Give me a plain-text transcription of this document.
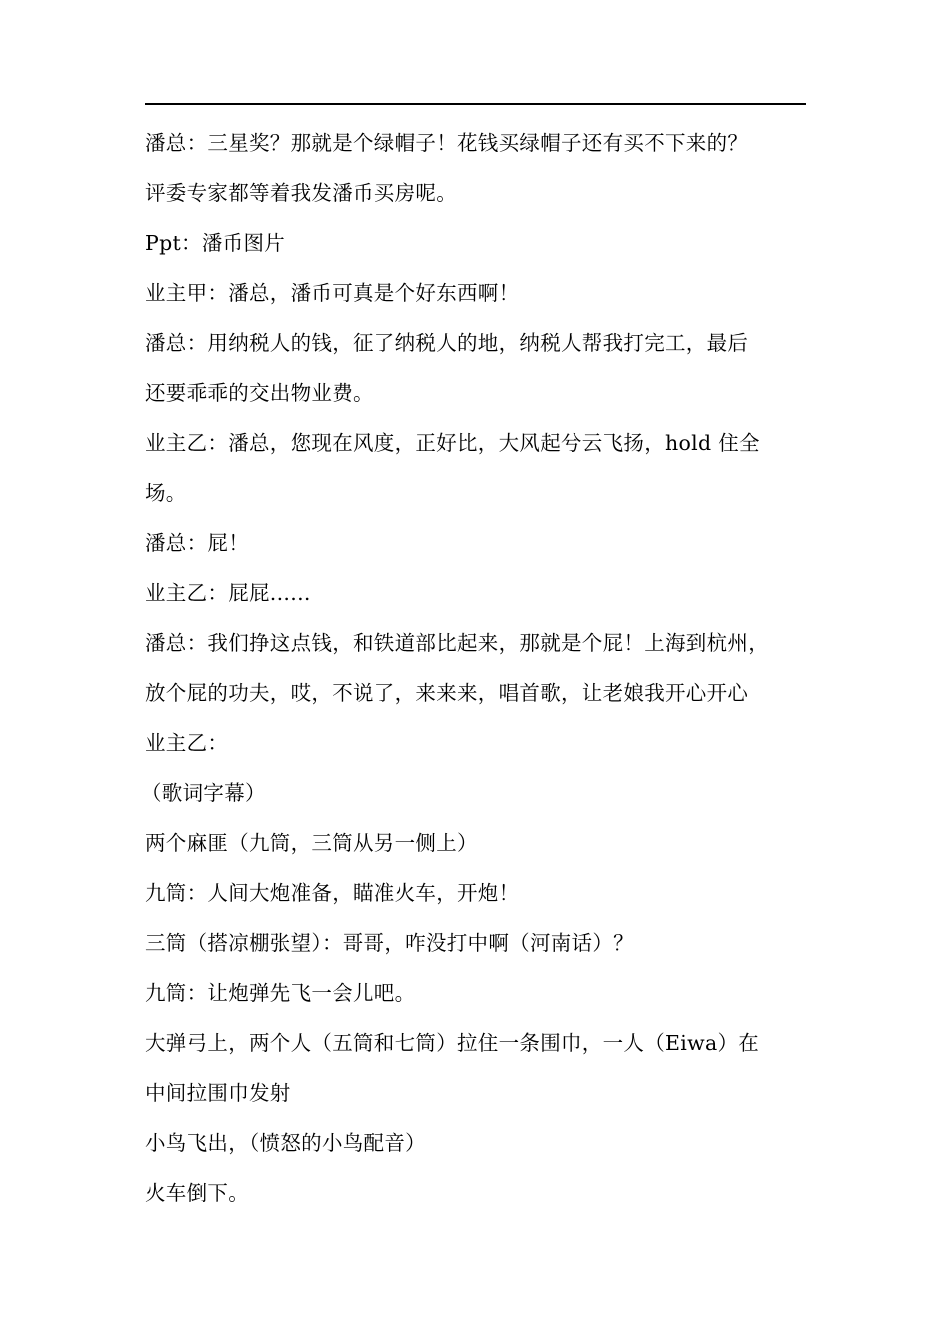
潘总：三星奖？那就是个绿帽子！花钱买绿帽子还有买不下来的？
评委专家都等着我发潘币买房呢。
Ppt：潘币图片
业主甲：潘总，潘币可真是个好东西啊！
潘总：用纳税人的钱，征了纳税人的地，纳税人帮我打完工，最后
还要乖乖的交出物业费。
业主乙：潘总，您现在风度，正好比，大风起兮云飞扬，hold 住全
场。
潘总：屁！
业主乙：屁屁......
潘总：我们挣这点钱，和铁道部比起来，那就是个屁！上海到杭州，
放个屁的功夫，哎，不说了，来来来，唱首歌，让老娘我开心开心
业主乙：
（歌词字幕）
两个麻匪（九筒，三筒从另一侧上）
九筒：人间大炮准备，瞄准火车，开炮！
三筒（搭凉棚张望）：哥哥，咋没打中啊（河南话）？
九筒：让炮弹先飞一会儿吧。
大弹弓上，两个人（五筒和七筒）拉住一条围巾，一人（Eiwa）在
中间拉围巾发射
小鸟飞出，（愤怒的小鸟配音）
火车倒下。
